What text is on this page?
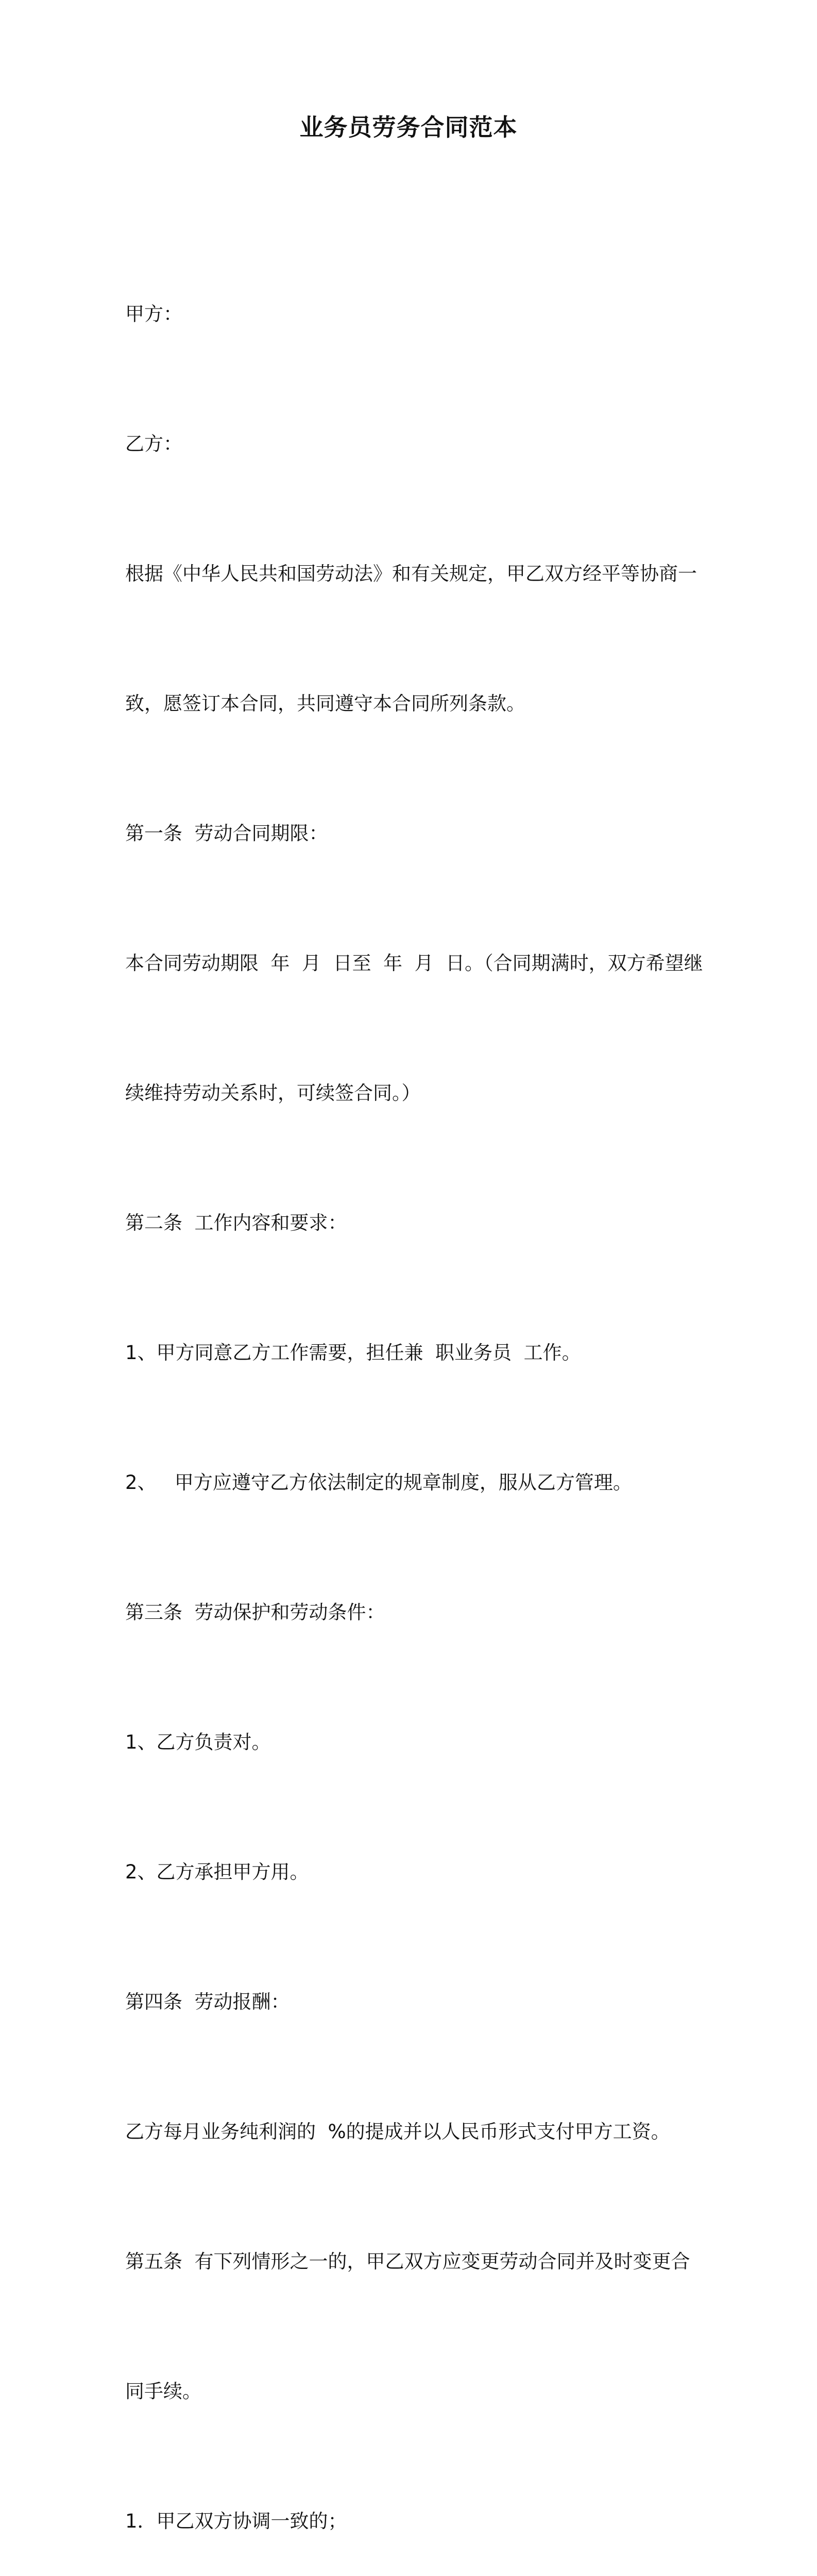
业务员劳务合同范本

甲方：

乙方：

根据《中华人民共和国劳动法》和有关规定，甲乙双方经平等协商一

致，愿签订本合同，共同遵守本合同所列条款。

第一条  劳动合同期限：

本合同劳动期限  年  月  日至  年  月  日。（合同期满时，双方希望继

续维持劳动关系时，可续签合同。）

第二条  工作内容和要求：

1、甲方同意乙方工作需要，担任兼  职业务员  工作。

2、   甲方应遵守乙方依法制定的规章制度，服从乙方管理。

第三条  劳动保护和劳动条件：

1、乙方负责对。

2、乙方承担甲方用。

第四条  劳动报酬：

乙方每月业务纯利润的  %的提成并以人民币形式支付甲方工资。

第五条  有下列情形之一的，甲乙双方应变更劳动合同并及时变更合

同手续。

1．甲乙双方协调一致的；
